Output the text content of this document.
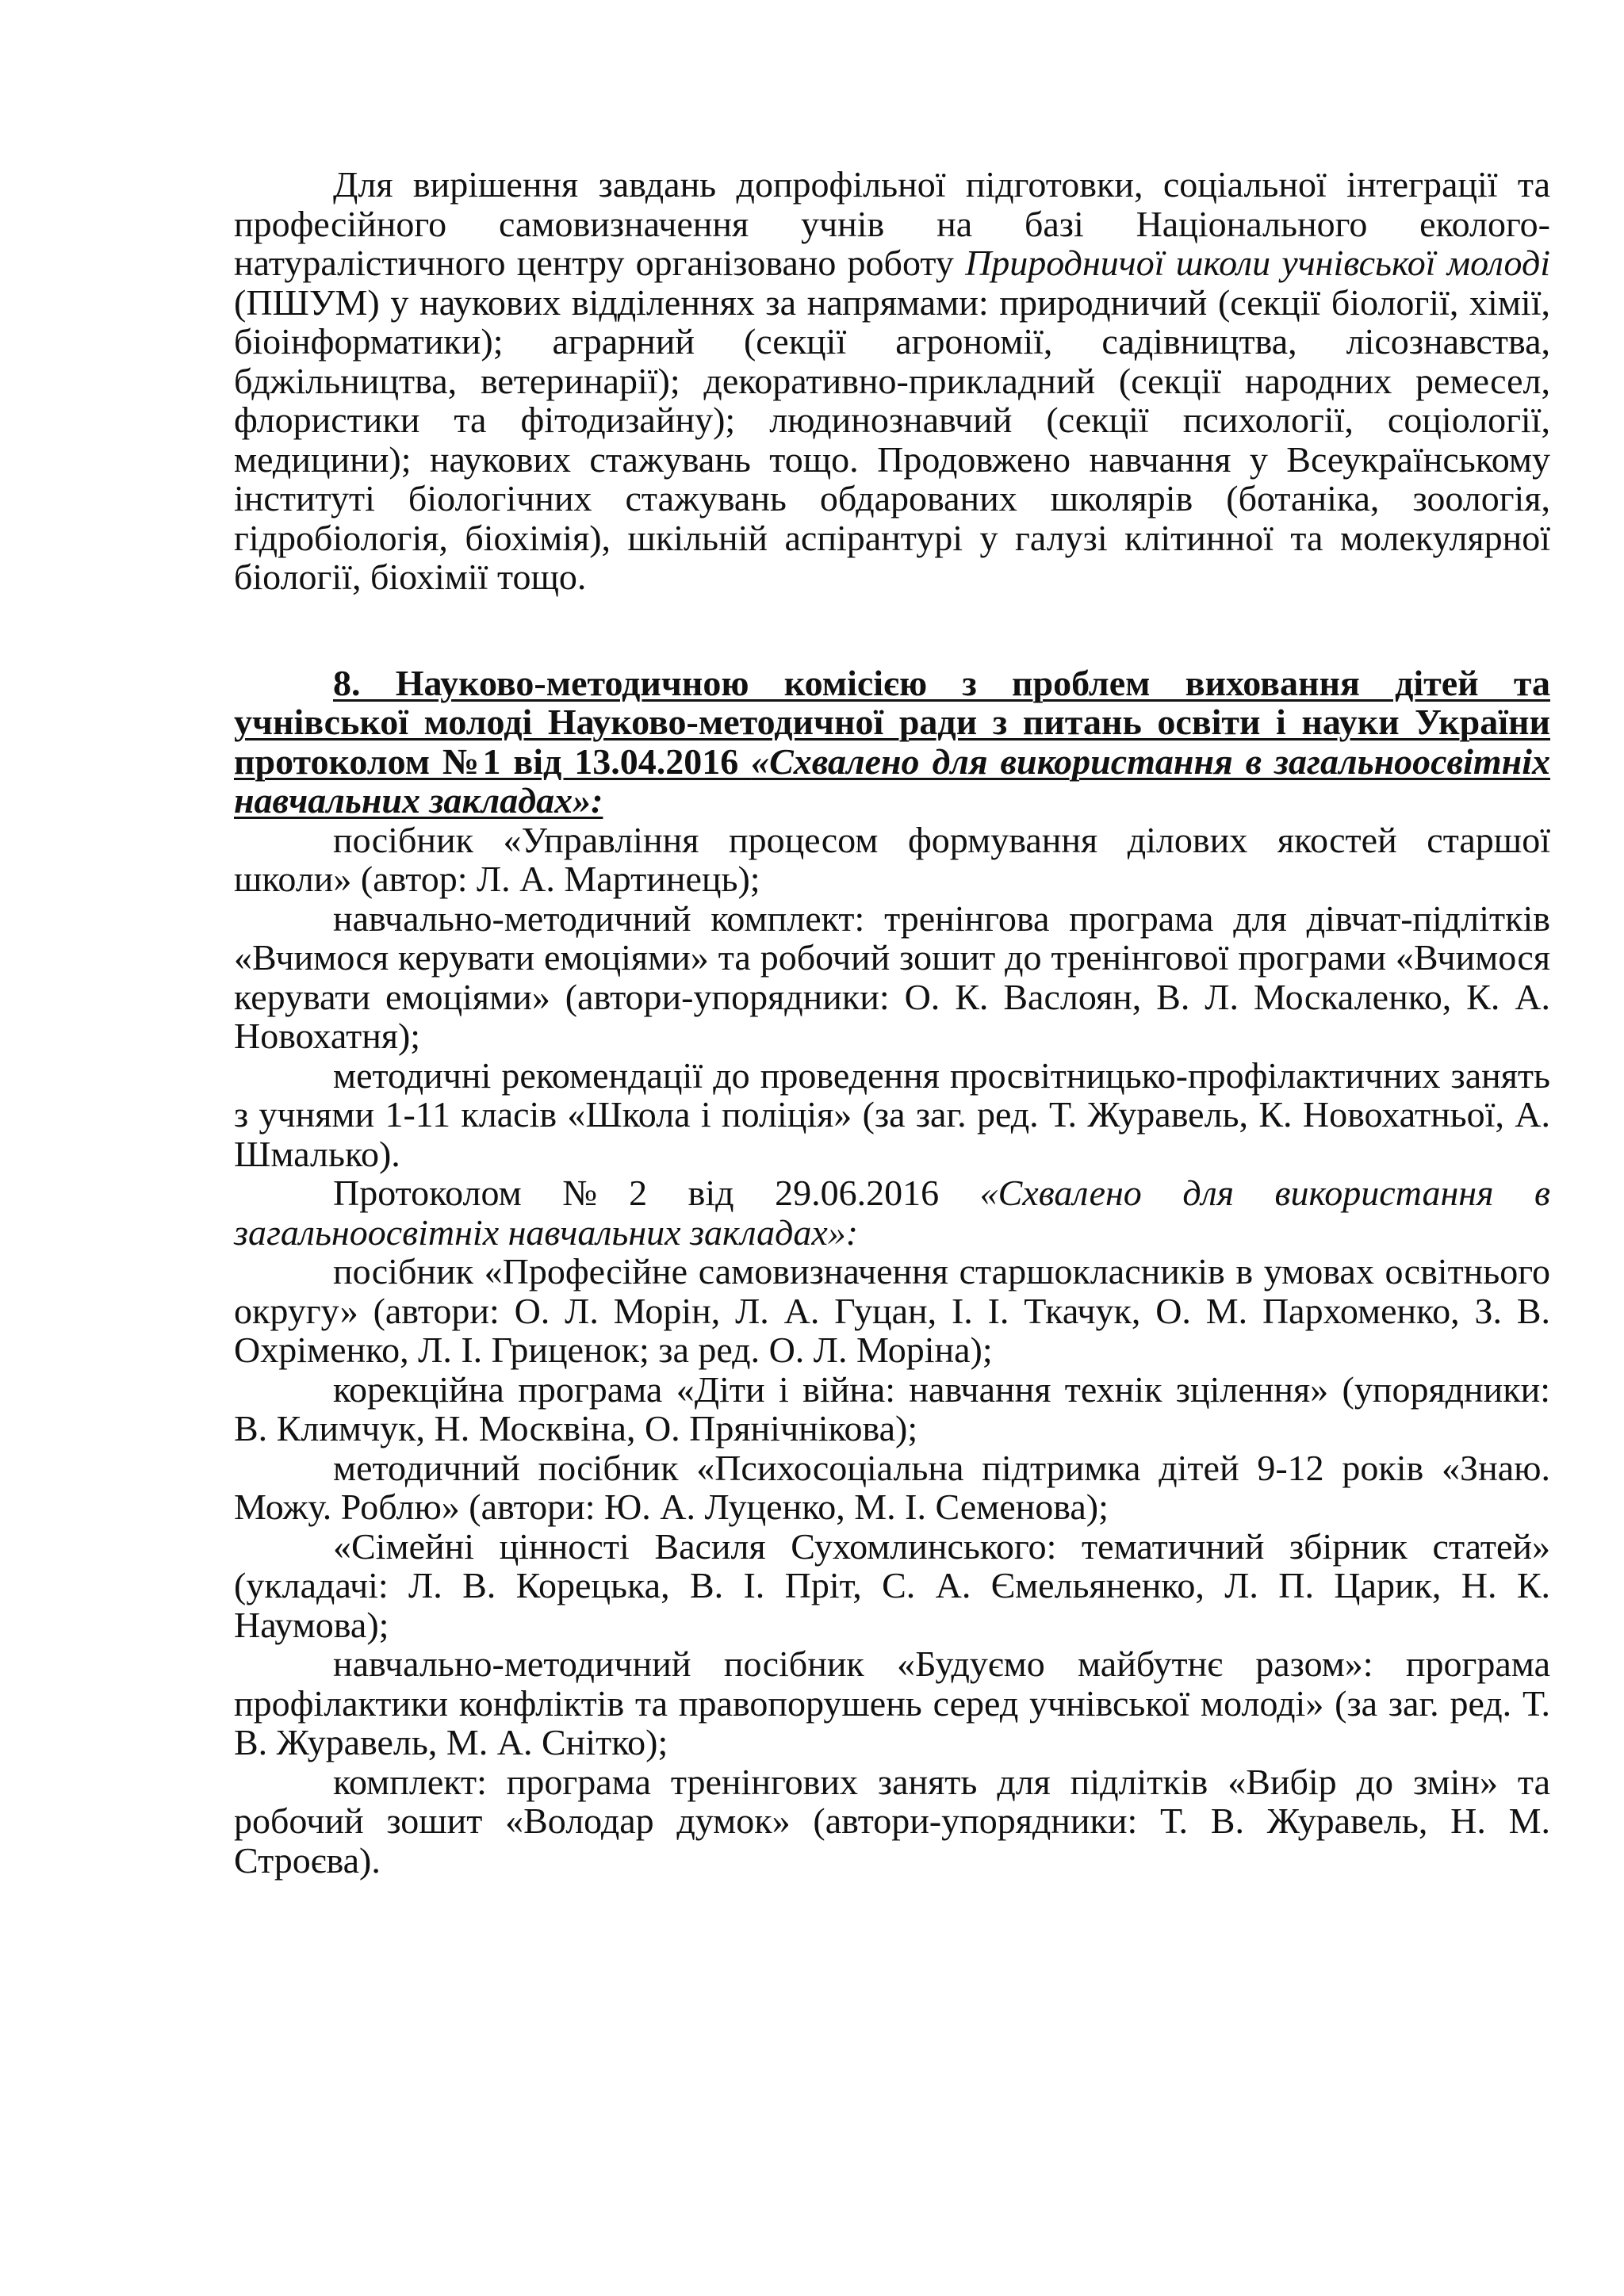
Для вирішення завдань допрофільної підготовки, соціальної інтеграції та професійного самовизначення учнів на базі Національного еколого-натуралістичного центру організовано роботу Природничої школи учнівської молоді (ПШУМ) у наукових відділеннях за напрямами: природничий (секції біології, хімії, біоінформатики); аграрний (секції агрономії, садівництва, лісознавства, бджільництва, ветеринарії); декоративно-прикладний (секції народних ремесел, флористики та фітодизайну); людинознавчий (секції психології, соціології, медицини); наукових стажувань тощо. Продовжено навчання у Всеукраїнському інституті біологічних стажувань обдарованих школярів (ботаніка, зоологія, гідробіологія, біохімія), шкільній аспірантурі у галузі клітинної та молекулярної біології, біохімії тощо.

8. Науково-методичною комісією з проблем виховання дітей та учнівської молоді Науково-методичної ради з питань освіти і науки України протоколом №1 від 13.04.2016 «Схвалено для використання в загальноосвітніх навчальних закладах»:

посібник «Управління процесом формування ділових якостей старшої школи» (автор: Л. А. Мартинець);

навчально-методичний комплект: тренінгова програма для дівчат-підлітків «Вчимося керувати емоціями» та робочий зошит до тренінгової програми «Вчимося керувати емоціями» (автори-упорядники: О. К. Васлоян, В. Л. Москаленко, К. А. Новохатня);

методичні рекомендації до проведення просвітницько-профілактичних занять з учнями 1-11 класів «Школа і поліція» (за заг. ред. Т. Журавель, К. Новохатньої, А. Шмалько).

Протоколом №2 від 29.06.2016 «Схвалено для використання в загальноосвітніх навчальних закладах»:

посібник «Професійне самовизначення старшокласників в умовах освітнього округу» (автори: О. Л. Морін, Л. А. Гуцан, І. І. Ткачук, О. М. Пархоменко, З. В. Охріменко, Л. І. Гриценок; за ред. О. Л. Моріна);

корекційна програма «Діти і війна: навчання технік зцілення» (упорядники: В. Климчук, Н. Москвіна, О. Прянічнікова);

методичний посібник «Психосоціальна підтримка дітей 9-12 років «Знаю. Можу. Роблю» (автори: Ю. А. Луценко, М. І. Семенова);

«Сімейні цінності Василя Сухомлинського: тематичний збірник статей» (укладачі: Л. В. Корецька, В. І. Пріт, С. А. Ємельяненко, Л. П. Царик, Н. К. Наумова);

навчально-методичний посібник «Будуємо майбутнє разом»: програма профілактики конфліктів та правопорушень серед учнівської молоді» (за заг. ред. Т. В. Журавель, М. А. Снітко);

комплект: програма тренінгових занять для підлітків «Вибір до змін» та робочий зошит «Володар думок» (автори-упорядники: Т. В. Журавель, Н. М. Строєва).
